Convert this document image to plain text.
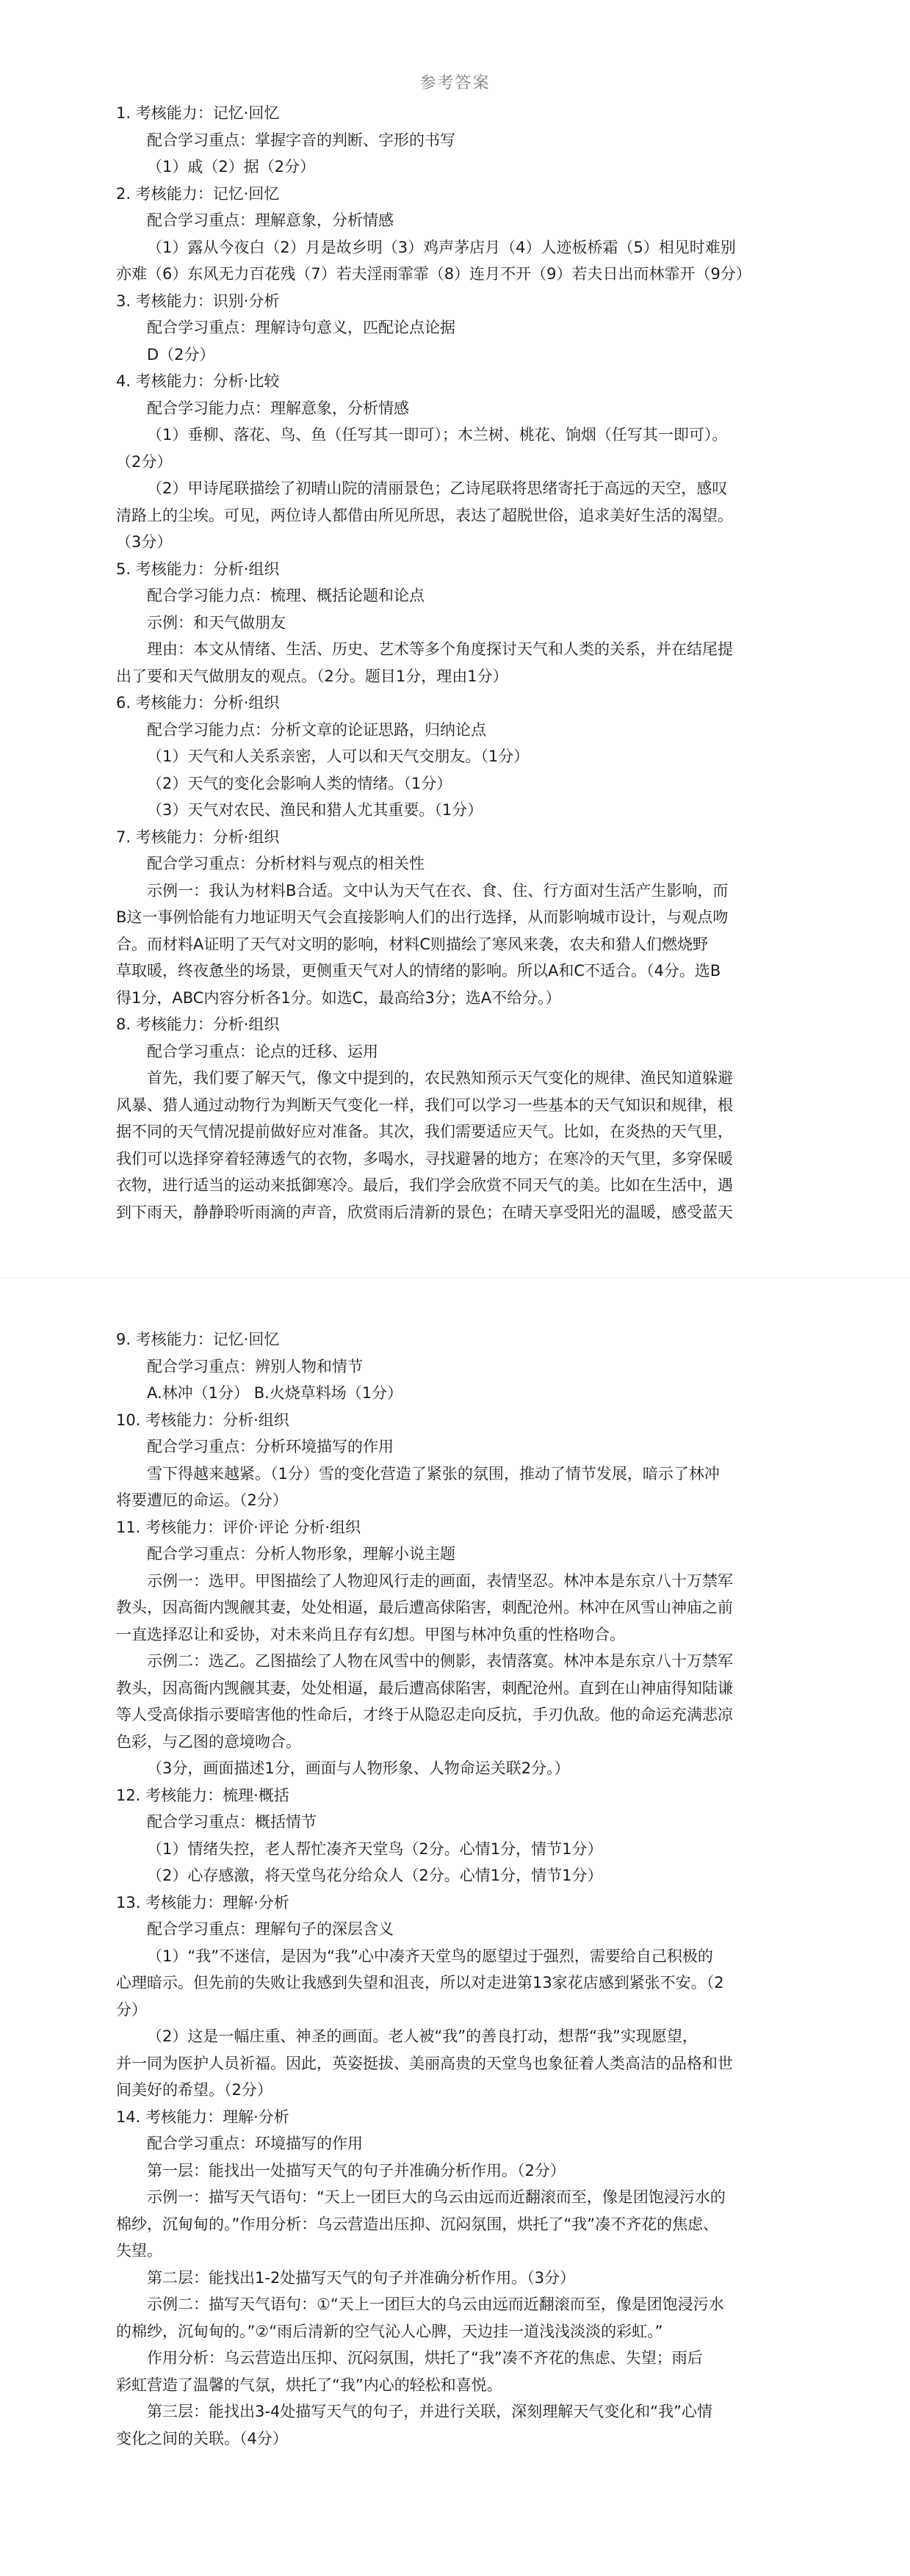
参考答案
1. 考核能力：记忆·回忆
配合学习重点：掌握字音的判断、字形的书写
（1）戚（2）据（2分）
2. 考核能力：记忆·回忆
配合学习重点：理解意象，分析情感
（1）露从今夜白（2）月是故乡明（3）鸡声茅店月（4）人迹板桥霜（5）相见时难别
亦难（6）东风无力百花残（7）若夫淫雨霏霏（8）连月不开（9）若夫日出而林霏开（9分）
3. 考核能力：识别·分析
配合学习重点：理解诗句意义，匹配论点论据
D（2分）
4. 考核能力：分析·比较
配合学习能力点：理解意象，分析情感
（1）垂柳、落花、鸟、鱼（任写其一即可）；木兰树、桃花、饷烟（任写其一即可）。
（2分）
（2）甲诗尾联描绘了初晴山院的清丽景色；乙诗尾联将思绪寄托于高远的天空，感叹
清路上的尘埃。可见，两位诗人都借由所见所思，表达了超脱世俗，追求美好生活的渴望。
（3分）
5. 考核能力：分析·组织
配合学习能力点：梳理、概括论题和论点
示例：和天气做朋友
理由：本文从情绪、生活、历史、艺术等多个角度探讨天气和人类的关系，并在结尾提
出了要和天气做朋友的观点。（2分。题目1分，理由1分）
6. 考核能力：分析·组织
配合学习能力点：分析文章的论证思路，归纳论点
（1）天气和人关系亲密，人可以和天气交朋友。（1分）
（2）天气的变化会影响人类的情绪。（1分）
（3）天气对农民、渔民和猎人尤其重要。（1分）
7. 考核能力：分析·组织
配合学习重点：分析材料与观点的相关性
示例一：我认为材料B合适。文中认为天气在衣、食、住、行方面对生活产生影响，而
B这一事例恰能有力地证明天气会直接影响人们的出行选择，从而影响城市设计，与观点吻
合。而材料A证明了天气对文明的影响，材料C则描绘了寒风来袭，农夫和猎人们燃烧野
草取暖，终夜惫坐的场景，更侧重天气对人的情绪的影响。所以A和C不适合。（4分。选B
得1分，ABC内容分析各1分。如选C，最高给3分；选A不给分。）
8. 考核能力：分析·组织
配合学习重点：论点的迁移、运用
首先，我们要了解天气，像文中提到的，农民熟知预示天气变化的规律、渔民知道躲避
风暴、猎人通过动物行为判断天气变化一样，我们可以学习一些基本的天气知识和规律，根
据不同的天气情况提前做好应对准备。其次，我们需要适应天气。比如，在炎热的天气里，
我们可以选择穿着轻薄透气的衣物，多喝水，寻找避暑的地方；在寒冷的天气里，多穿保暖
衣物，进行适当的运动来抵御寒冷。最后，我们学会欣赏不同天气的美。比如在生活中，遇
到下雨天，静静聆听雨滴的声音，欣赏雨后清新的景色；在晴天享受阳光的温暖，感受蓝天
9. 考核能力：记忆·回忆
配合学习重点：辨别人物和情节
A.林冲（1分） B.火烧草料场（1分）
10. 考核能力：分析·组织
配合学习重点：分析环境描写的作用
雪下得越来越紧。（1分）雪的变化营造了紧张的氛围，推动了情节发展，暗示了林冲
将要遭厄的命运。（2分）
11. 考核能力：评价·评论 分析·组织
配合学习重点：分析人物形象，理解小说主题
示例一：选甲。甲图描绘了人物迎风行走的画面，表情坚忍。林冲本是东京八十万禁军
教头，因高衙内觊觎其妻，处处相逼，最后遭高俅陷害，刺配沧州。林冲在风雪山神庙之前
一直选择忍让和妥协，对未来尚且存有幻想。甲图与林冲负重的性格吻合。
示例二：选乙。乙图描绘了人物在风雪中的侧影，表情落寞。林冲本是东京八十万禁军
教头，因高衙内觊觎其妻，处处相逼，最后遭高俅陷害，刺配沧州。直到在山神庙得知陆谦
等人受高俅指示要暗害他的性命后，才终于从隐忍走向反抗，手刃仇敌。他的命运充满悲凉
色彩，与乙图的意境吻合。
（3分，画面描述1分，画面与人物形象、人物命运关联2分。）
12. 考核能力：梳理·概括
配合学习重点：概括情节
（1）情绪失控，老人帮忙凑齐天堂鸟（2分。心情1分，情节1分）
（2）心存感激，将天堂鸟花分给众人（2分。心情1分，情节1分）
13. 考核能力：理解·分析
配合学习重点：理解句子的深层含义
（1）“我”不迷信，是因为“我”心中凑齐天堂鸟的愿望过于强烈，需要给自己积极的
心理暗示。但先前的失败让我感到失望和沮丧，所以对走进第13家花店感到紧张不安。（2
分）
（2）这是一幅庄重、神圣的画面。老人被“我”的善良打动，想帮“我”实现愿望，
并一同为医护人员祈福。因此，英姿挺拔、美丽高贵的天堂鸟也象征着人类高洁的品格和世
间美好的希望。（2分）
14. 考核能力：理解·分析
配合学习重点：环境描写的作用
第一层：能找出一处描写天气的句子并准确分析作用。（2分）
示例一：描写天气语句：“天上一团巨大的乌云由远而近翻滚而至，像是团饱浸污水的
棉纱，沉甸甸的。”作用分析：乌云营造出压抑、沉闷氛围，烘托了“我”凑不齐花的焦虑、
失望。
第二层：能找出1-2处描写天气的句子并准确分析作用。（3分）
示例二：描写天气语句：①“天上一团巨大的乌云由远而近翻滚而至，像是团饱浸污水
的棉纱，沉甸甸的。”②“雨后清新的空气沁人心脾，天边挂一道浅浅淡淡的彩虹。”
作用分析：乌云营造出压抑、沉闷氛围，烘托了“我”凑不齐花的焦虑、失望；雨后
彩虹营造了温馨的气氛，烘托了“我”内心的轻松和喜悦。
第三层：能找出3-4处描写天气的句子，并进行关联，深刻理解天气变化和“我”心情
变化之间的关联。（4分）
